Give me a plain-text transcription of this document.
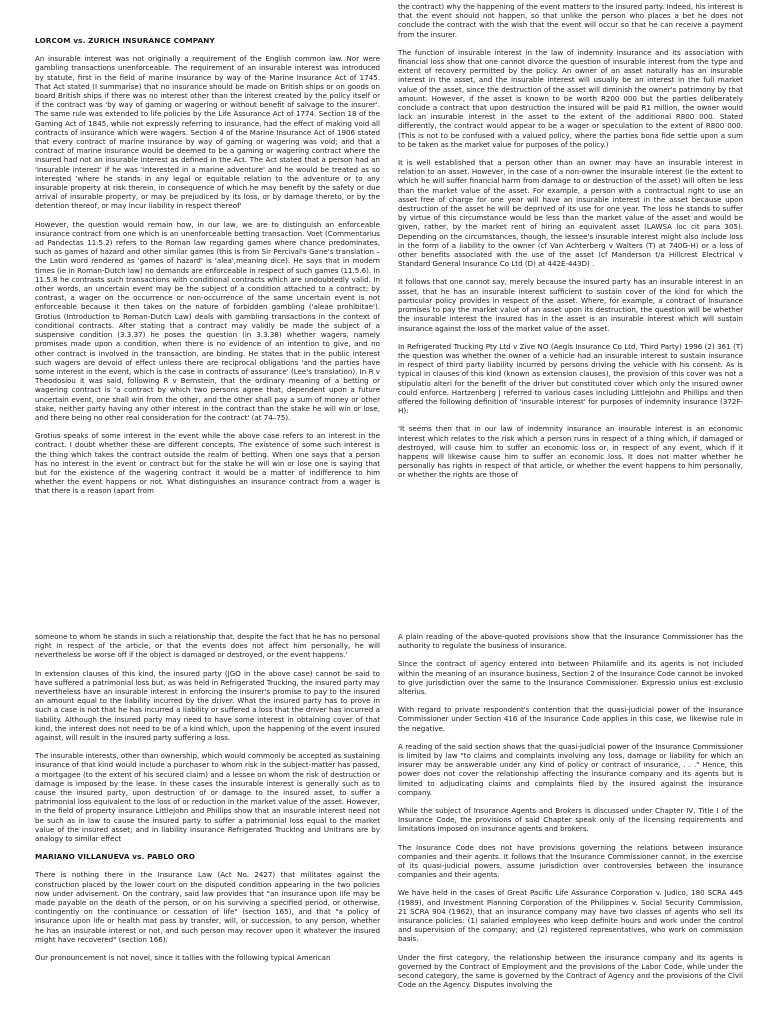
LORCOM vs. ZURICH INSURANCE COMPANY

An insurable interest was not originally a requirement of the English common law. Nor were gambling transactions unenforceable. The requirement of an insurable interest was introduced by statute, first in the field of marine insurance by way of the Marine Insurance Act of 1745. That Act stated (I summarise) that no insurance should be made on British ships or on goods on board British ships if there was no interest other than the interest created by the policy itself or if the contract was 'by way of gaming or wagering or without benefit of salvage to the insurer'. The same rule was extended to life policies by the Life Assurance Act of 1774. Section 18 of the Gaming Act of 1845, while not expressly referring to insurance, had the effect of making void all contracts of insurance which were wagers. Section 4 of the Marine Insurance Act of 1906 stated that every contract of marine insurance by way of gaming or wagering was void; and that a contract of marine insurance would be deemed to be a gaming or wagering contract where the insured had not an insurable interest as defined in the Act. The Act stated that a person had an 'insurable interest' if he was 'interested in a marine adventure' and he would be treated as so interested 'where he stands in any legal or equitable relation to the adventure or to any insurable property at risk therein, in consequence of which he may benefit by the safety or due arrival of insurable property, or may be prejudiced by its loss, or by damage thereto, or by the detention thereof, or may incur liability in respect thereof'

However, the question would remain how, in our law, we are to distinguish an enforceable insurance contract from one which is an unenforceable betting transaction. Voet (Commentarius ad Pandectas 11.5.2) refers to the Roman law regarding games where chance predominates, such as games of hazard and other similar games (this is from Sir Percival's Gane's translation – the Latin word rendered as 'games of hazard' is 'alea',meaning dice). He says that in modern times (ie in Roman-Dutch law) no demands are enforceable in respect of such games (11.5.6). In 11.5.8 he contrasts such transactions with conditional contracts which are undoubtedly valid. In other words, an uncertain event may be the subject of a condition attached to a contract; by contrast, a wager on the occurrence or non-occurrence of the same uncertain event is not enforceable because it then takes on the nature of forbidden gambling ('aleae prohibitae'). Grotius (Introduction to Roman-Dutch Law) deals with gambling transactions in the context of conditional contracts. After stating that a contract may validly be made the subject of a suspensive condition (3.3.37) he poses the question (in 3.3.38) whether wagers, namely promises made upon a condition, when there is no evidence of an intention to give, and no other contract is involved in the transaction, are binding. He states that in the public interest such wagers are devoid of effect unless there are reciprocal obligations 'and the parties have some interest in the event, which is the case in contracts of assurance' (Lee's translation). In R v Theodosiou it was said, following R v Bernstein, that the ordinary meaning of a betting or wagering contract is 'a contract by which two persons agree that, dependent upon a future uncertain event, one shall win from the other, and the other shall pay a sum of money or other stake, neither party having any other interest in the contract than the stake he will win or lose, and there being no other real consideration for the contract' (at 74–75).

Grotius speaks of some interest in the event while the above case refers to an interest in the contract. I doubt whether these are different concepts. The existence of some such interest is the thing which takes the contract outside the realm of betting. When one says that a person has no interest in the event or contract but for the stake he will win or lose one is saying that but for the existence of the wagering contract it would be a matter of indifference to him whether the event happens or not. What distinguishes an insurance contract from a wager is that there is a reason (apart from

the contract) why the happening of the event matters to the insured party. Indeed, his interest is that the event should not happen, so that unlike the person who places a bet he does not conclude the contract with the wish that the event will occur so that he can receive a payment from the insurer.

The function of insurable interest in the law of indemnity insurance and its association with financial loss show that one cannot divorce the question of insurable interest from the type and extent of recovery permitted by the policy. An owner of an asset naturally has an insurable interest in the asset, and the insurable interest will usually be an interest in the full market value of the asset, since the destruction of the asset will diminish the owner's patrimony by that amount. However, if the asset is known to be worth R200 000 but the parties deliberately conclude a contract that upon destruction the insured will be paid R1 million, the owner would lack an insurable interest in the asset to the extent of the additional R800 000. Stated differently, the contract would appear to be a wager or speculation to the extent of R800 000. (This is not to be confused with a valued policy, where the parties bona fide settle upon a sum to be taken as the market value for purposes of the policy.)

It is well established that a person other than an owner may have an insurable interest in relation to an asset. However, in the case of a non-owner the insurable interest (ie the extent to which he will suffer financial harm from damage to or destruction of the asset) will often be less than the market value of the asset. For example, a person with a contractual right to use an asset free of charge for one year will have an insurable interest in the asset because upon destruction of the asset he will be deprived of its use for one year. The loss he stands to suffer by virtue of this circumstance would be less than the market value of the asset and would be given, rather, by the market rent of hiring an equivalent asset (LAWSA loc cit para 305). Depending on the circumstances, though, the lessee's insurable interest might also include loss in the form of a liability to the owner (cf Van Achterberg v Walters (T) at 740G-H) or a loss of other benefits associated with the use of the asset (cf Manderson t/a Hillcrest Electrical v Standard General Insurance Co Ltd (D) at 442E-443D) .

It follows that one cannot say, merely because the insured party has an insurable interest in an asset, that he has an insurable interest sufficient to sustain cover of the kind for which the particular policy provides in respect of the asset. Where, for example, a contract of insurance promises to pay the market value of an asset upon its destruction, the question will be whether the insurable interest the insured has in the asset is an insurable interest which will sustain insurance against the loss of the market value of the asset.

In Refrigerated Trucking Pty Ltd v Zive NO (Aegis Insurance Co Ltd, Third Party) 1996 (2) 361 (T) the question was whether the owner of a vehicle had an insurable interest to sustain insurance in respect of third party liability incurred by persons driving the vehicle with his consent. As is typical in clauses of this kind (known as extension clauses), the provision of this cover was not a stipulatio alteri for the benefit of the driver but constituted cover which only the insured owner could enforce. Hartzenberg J referred to various cases including Littlejohn and Phillips and then offered the following definition of 'insurable interest' for purposes of indemnity insurance (372F-H):

'It seems then that in our law of indemnity insurance an insurable interest is an economic interest which relates to the risk which a person runs in respect of a thing which, if damaged or destroyed, will cause him to suffer an economic loss or, in respect of any event, which if it happens will likewise cause him to suffer an economic loss. It does not matter whether he personally has rights in respect of that article, or whether the event happens to him personally, or whether the rights are those of

someone to whom he stands in such a relationship that, despite the fact that he has no personal right in respect of the article, or that the events does not affect him personally, he will nevertheless be worse off if the object is damaged or destroyed, or the event happens.'

In extension clauses of this kind, the insured party (JGO in the above case) cannot be said to have suffered a patrimonial loss but, as was held in Refrigerated Trucking, the insured party may nevertheless have an insurable interest in enforcing the insurer's promise to pay to the insured an amount equal to the liability incurred by the driver. What the insured party has to prove in such a case is not that he has incurred a liability or suffered a loss that the driver has incurred a liability. Although the insured party may need to have some interest in obtaining cover of that kind, the interest does not need to be of a kind which, upon the happening of the event insured against, will result in the insured party suffering a loss.

The insurable interests, other than ownership, which would commonly be accepted as sustaining insurance of that kind would include a purchaser to whom risk in the subject-matter has passed, a mortgagee (to the extent of his secured claim) and a lessee on whom the risk of destruction or damage is imposed by the lease. In these cases the insurable interest is generally such as to cause the insured party, upon destruction of or damage to the insured asset, to suffer a patrimonial loss equivalent to the loss of or reduction in the market value of the asset. However, in the field of property insurance Littlejohn and Phillips show that an insurable interest need not be such as in law to cause the insured party to suffer a patrimonial loss equal to the market value of the insured asset; and in liability insurance Refrigerated Trucking and Unitrans are by analogy to similar effect

MARIANO VILLANUEVA vs. PABLO ORO

There is nothing there in the Insurance Law (Act No. 2427) that militates against the construction placed by the lower court on the disputed condition appearing in the two policies now under advisement. On the contrary, said law provides that "an insurance upon life may be made payable on the death of the person, or on his surviving a specified period, or otherwise, contingently on the continuance or cessation of life" (section 165), and that "a policy of insurance upon life or health mat pass by transfer, will, or succession, to any person, whether he has an insurable interest or not, and such person may recover upon it whatever the insured might have recovered" (section 166).

Our pronouncement is not novel, since it tallies with the following typical American

A plain reading of the above-quoted provisions show that the Insurance Commissioner has the authority to regulate the business of insurance.

Since the contract of agency entered into between Philamlife and its agents is not included within the meaning of an insurance business, Section 2 of the Insurance Code cannot be invoked to give jurisdiction over the same to the Insurance Commissioner. Expressio unius est exclusio alterius.

With regard to private respondent's contention that the quasi-judicial power of the Insurance Commissioner under Section 416 of the Insurance Code applies in this case, we likewise rule in the negative.

A reading of the said section shows that the quasi-judicial power of the Insurance Commissioner is limited by law "to claims and complaints involving any loss, damage or liability for which an insurer may be answerable under any kind of policy or contract of insurance, . . ." Hence, this power does not cover the relationship affecting the insurance company and its agents but is limited to adjudicating claims and complaints filed by the insured against the insurance company.

While the subject of Insurance Agents and Brokers is discussed under Chapter IV, Title I of the Insurance Code, the provisions of said Chapter speak only of the licensing requirements and limitations imposed on insurance agents and brokers.

The Insurance Code does not have provisions governing the relations between insurance companies and their agents. It follows that the Insurance Commissioner cannot, in the exercise of its quasi-judicial powers, assume jurisdiction over controversies between the insurance companies and their agents.

We have held in the cases of Great Pacific Life Assurance Corporation v. Judico, 180 SCRA 445 (1989), and Investment Planning Corporation of the Philippines v. Social Security Commission, 21 SCRA 904 (1962), that an insurance company may have two classes of agents who sell its insurance policies: (1) salaried employees who keep definite hours and work under the control and supervision of the company; and (2) registered representatives, who work on commission basis.

Under the first category, the relationship between the insurance company and its agents is governed by the Contract of Employment and the provisions of the Labor Code, while under the second category, the same is governed by the Contract of Agency and the provisions of the Civil Code on the Agency. Disputes involving the
